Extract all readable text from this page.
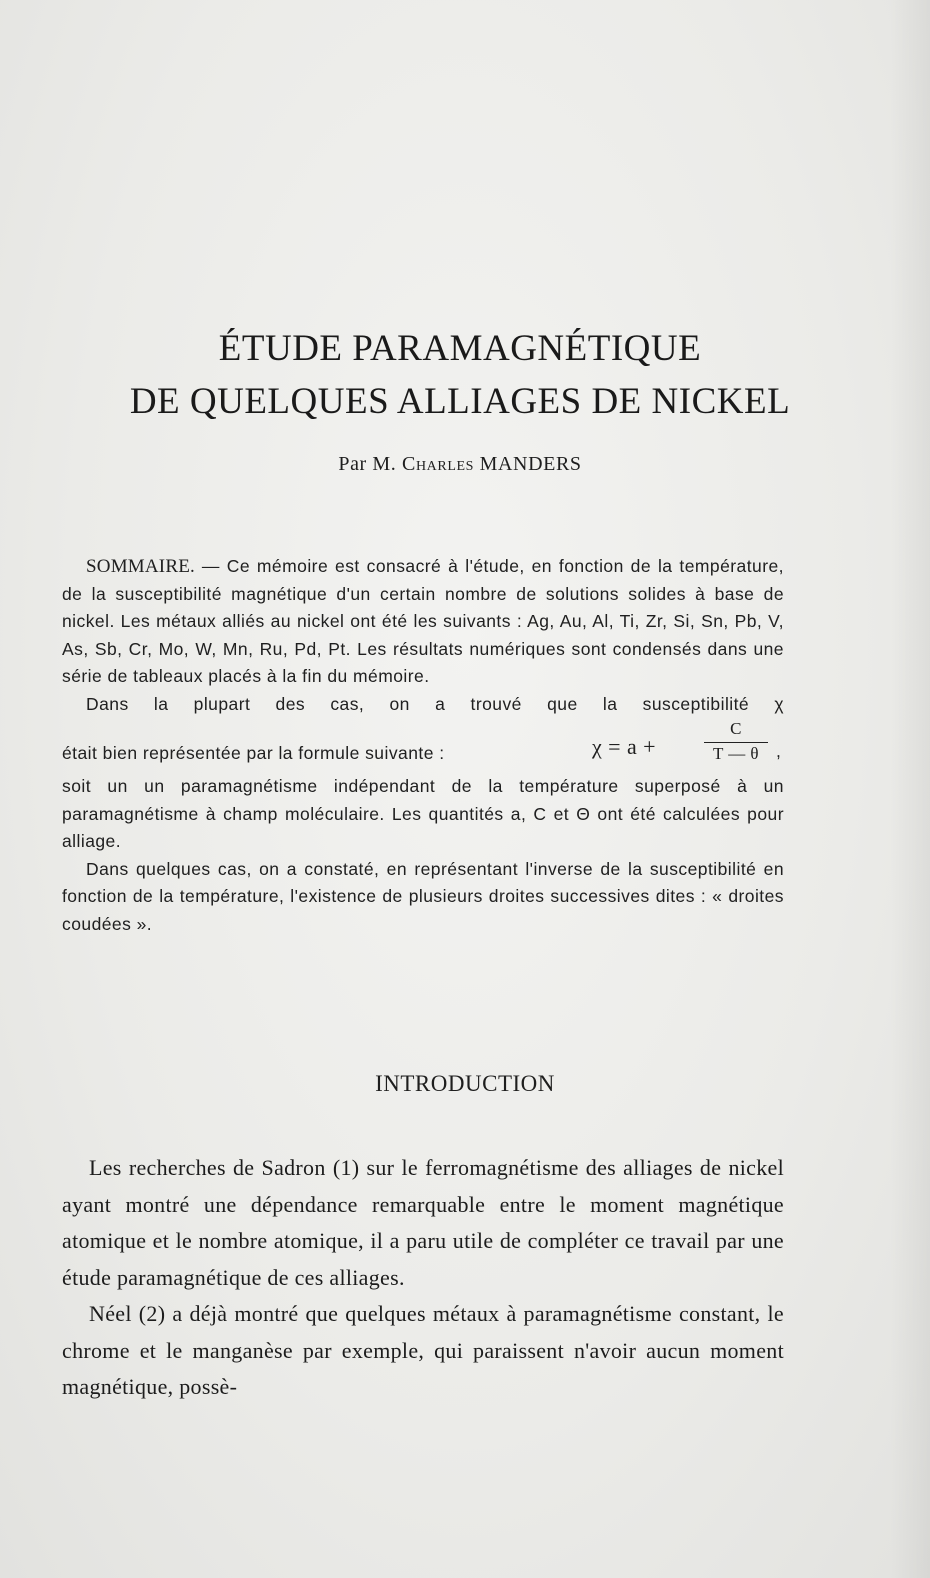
ÉTUDE PARAMAGNÉTIQUE
DE QUELQUES ALLIAGES DE NICKEL
Par M. Charles MANDERS

SOMMAIRE. — Ce mémoire est consacré à l'étude, en fonction de la température, de la susceptibilité magnétique d'un certain nombre de solutions solides à base de nickel. Les métaux alliés au nickel ont été les suivants : Ag, Au, Al, Ti, Zr, Si, Sn, Pb, V, As, Sb, Cr, Mo, W, Mn, Ru, Pd, Pt. Les résultats numériques sont condensés dans une série de tableaux placés à la fin du mémoire.

Dans la plupart des cas, on a trouvé que la susceptibilité χ

était bien représentée par la formule suivante :	χ = a +
C
T — θ ,

soit un un paramagnétisme indépendant de la température superposé à un paramagnétisme à champ moléculaire. Les quantités a, C et Θ ont été calculées pour alliage.

Dans quelques cas, on a constaté, en représentant l'inverse de la susceptibilité en fonction de la température, l'existence de plusieurs droites successives dites : « droites coudées ».

INTRODUCTION

Les recherches de Sadron (1) sur le ferromagnétisme des alliages de nickel ayant montré une dépendance remarquable entre le moment magnétique atomique et le nombre atomique, il a paru utile de compléter ce travail par une étude paramagnétique de ces alliages.

Néel (2) a déjà montré que quelques métaux à paramagnétisme constant, le chrome et le manganèse par exemple, qui paraissent n'avoir aucun moment magnétique, possè-
